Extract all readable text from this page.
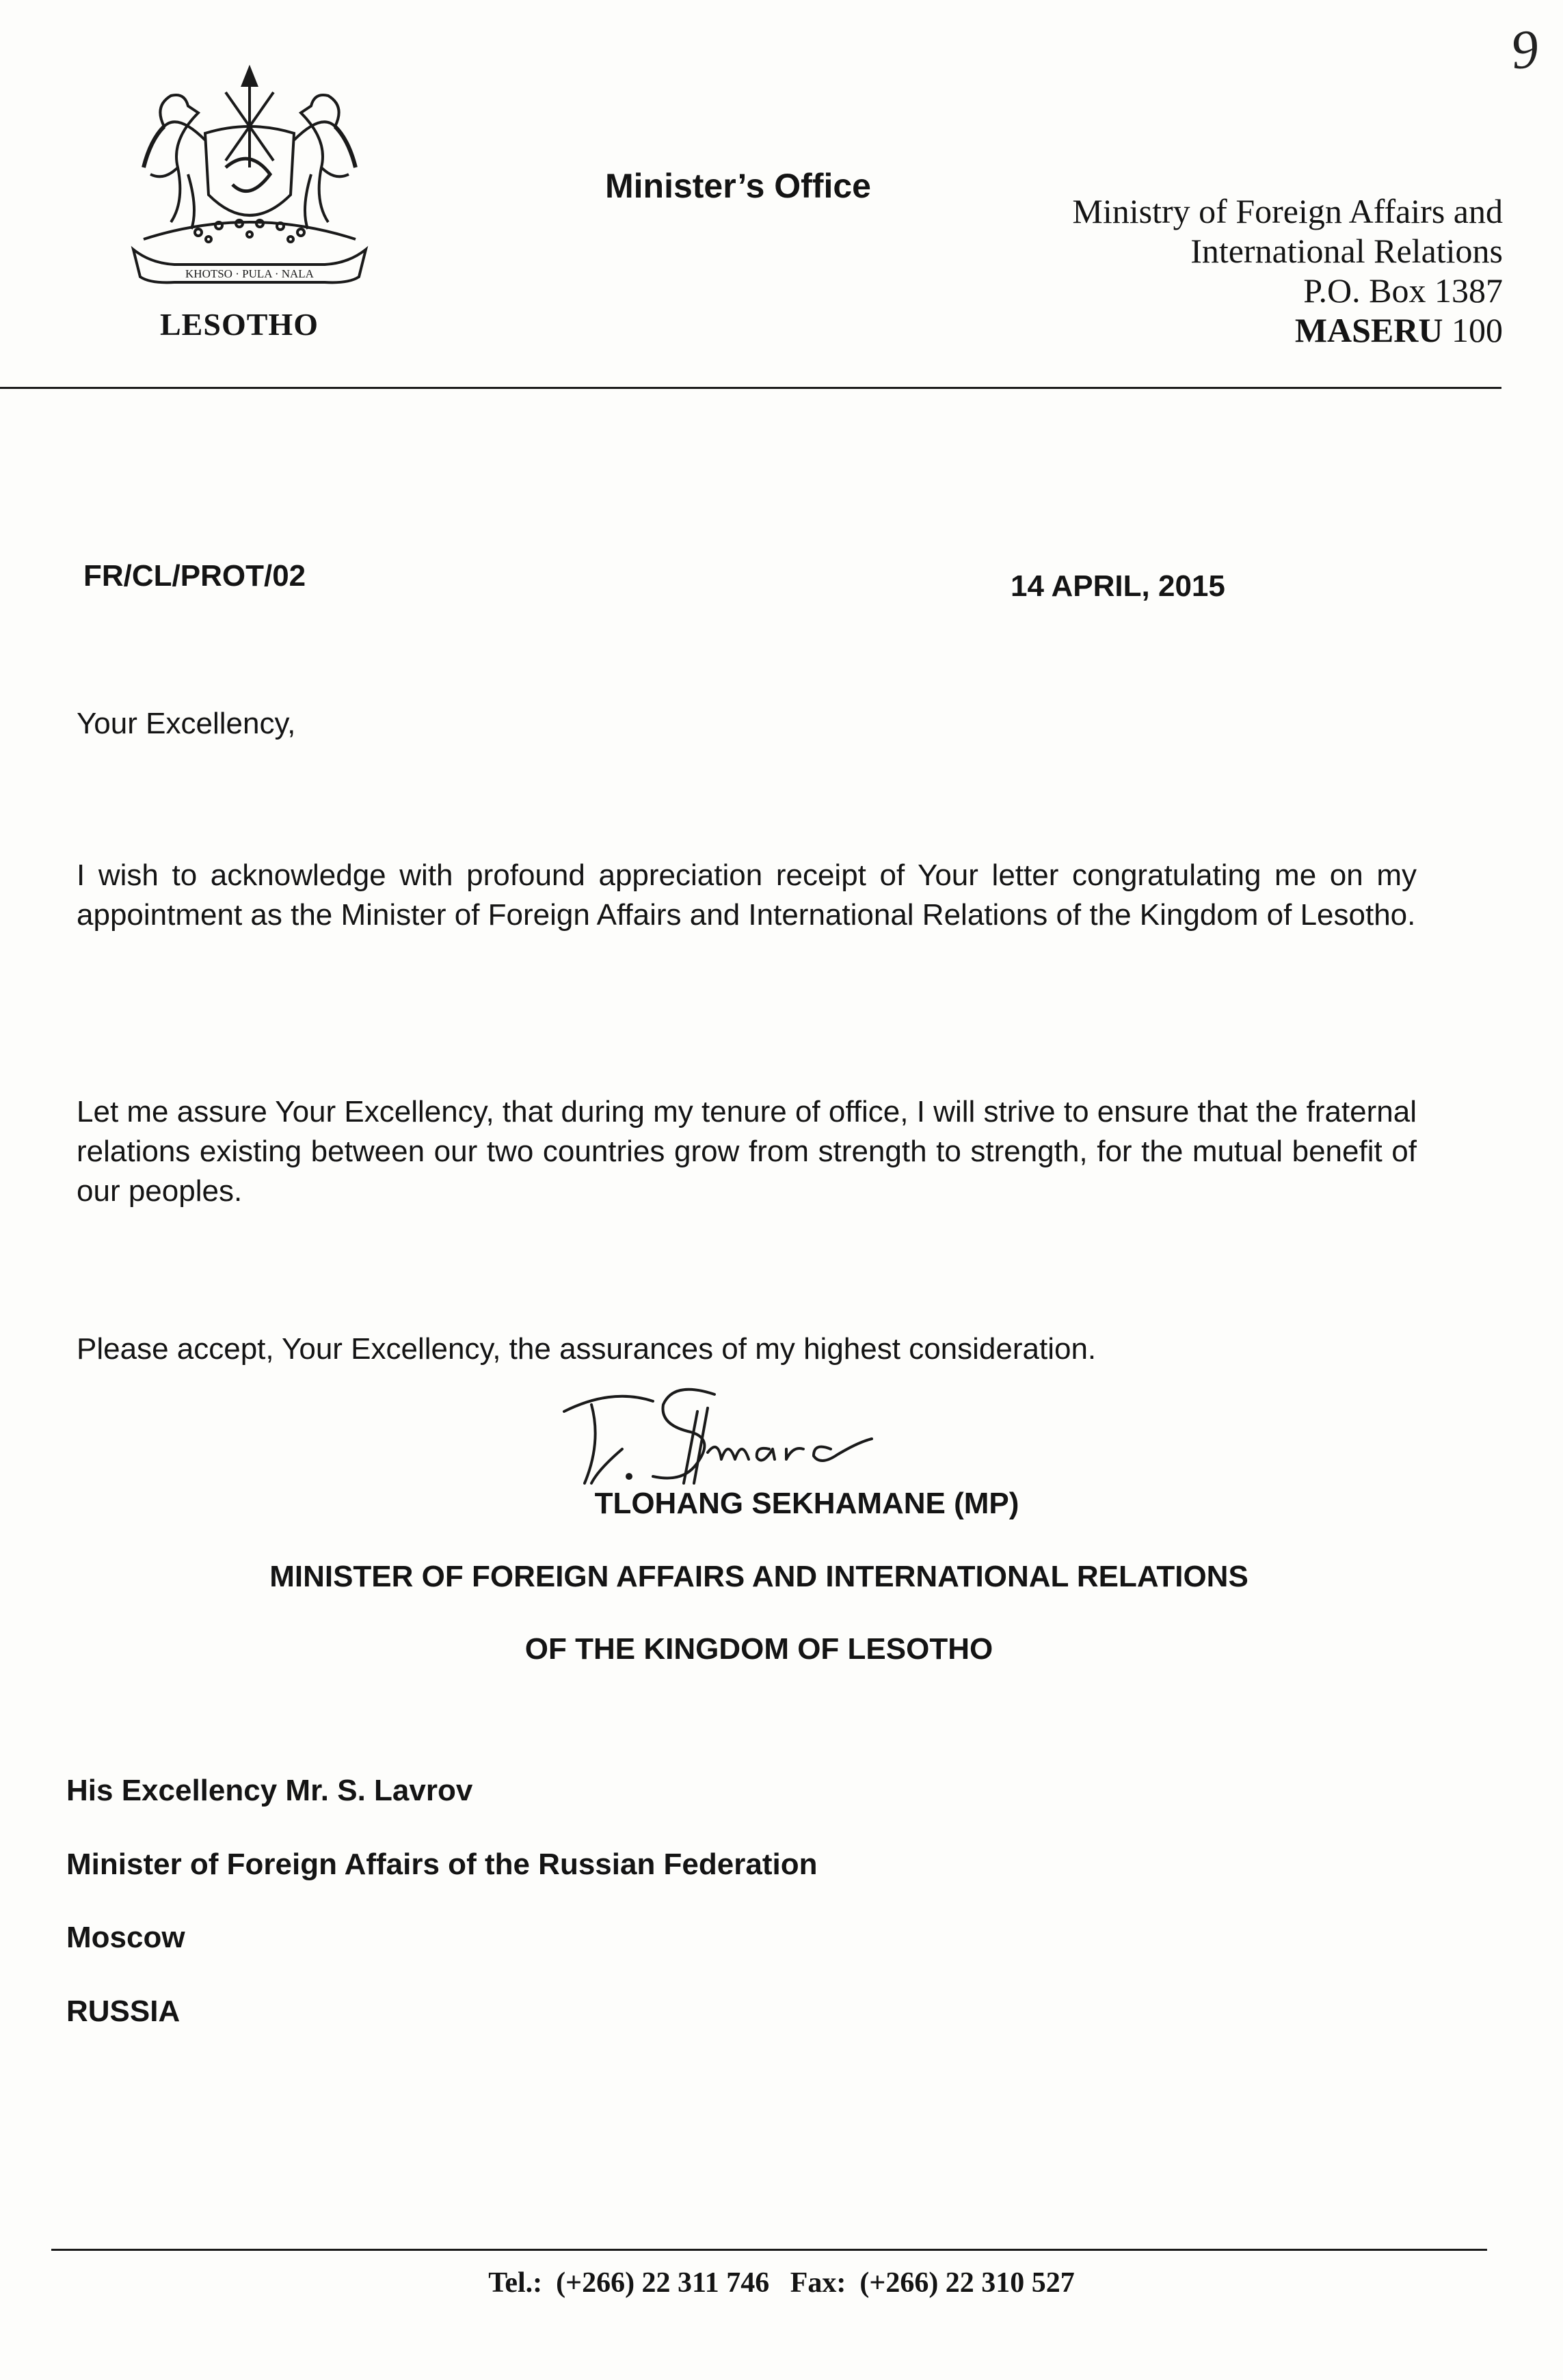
KHOTSO · PULA · NALA
LESOTHO
Minister’s Office
Ministry of Foreign Affairs and
International Relations
P.O. Box 1387
MASERU 100
9
FR/CL/PROT/02	14 APRIL, 2015
Your Excellency,
I wish to acknowledge with profound appreciation receipt of Your letter congratulating me on my appointment as the Minister of Foreign Affairs and International Relations of the Kingdom of Lesotho.
Let me assure Your Excellency, that during my tenure of office, I will strive to ensure that the fraternal relations existing between our two countries grow from strength to strength, for the mutual benefit of our peoples.
Please accept, Your Excellency, the assurances of my highest consideration.
TLOHANG SEKHAMANE (MP)
MINISTER OF FOREIGN AFFAIRS AND INTERNATIONAL RELATIONS
OF THE KINGDOM OF LESOTHO
His Excellency Mr. S. Lavrov
Minister of Foreign Affairs of the Russian Federation
Moscow
RUSSIA
Tel.: (+266) 22 311 746 Fax: (+266) 22 310 527
